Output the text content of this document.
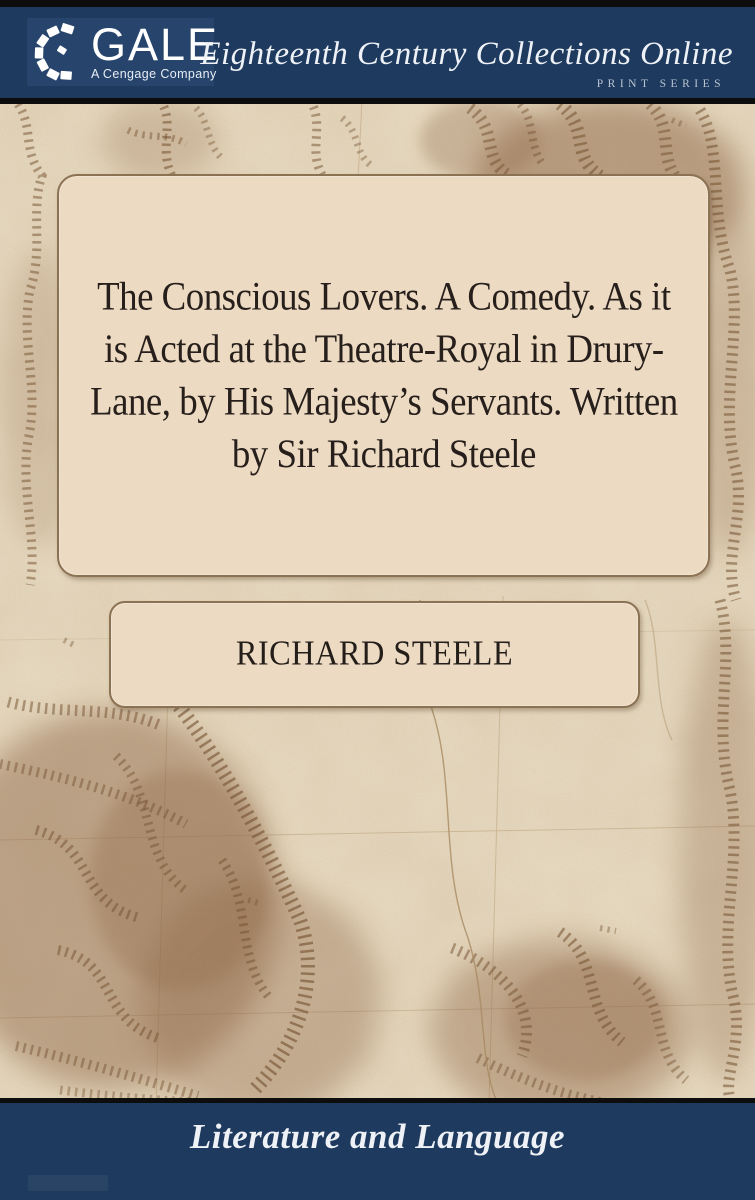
The Conscious Lovers. A Comedy. As it
is Acted at the Theatre-Royal in Drury-
Lane, by His Majesty’s Servants. Written
by Sir Richard Steele
RICHARD STEELE
GALE
A Cengage Company
Eighteenth Century Collections Online
PRINT SERIES
Literature and Language
